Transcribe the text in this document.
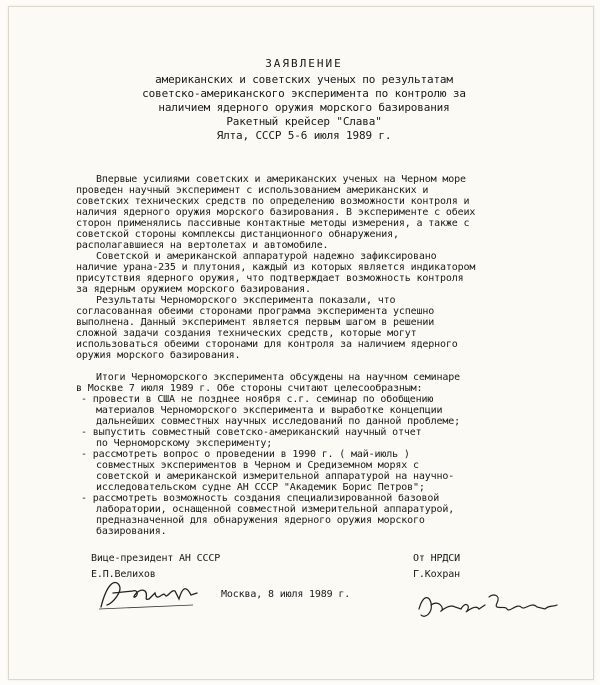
ЗАЯВЛЕНИЕ
американских и советских ученых по результатам
советско-американского эксперимента по контролю за
наличием ядерного оружия морского базирования
Ракетный крейсер "Слава"
Ялта, СССР 5-6 июля 1989 г.
Впервые усилиями советских и американских ученых на Черном море
проведен научный эксперимент с использованием американских и
советских технических средств по определению возможности контроля и
наличия ядерного оружия морского базирования. В эксперименте с обеих
сторон применялись пассивные контактные методы измерения, а также с
советской стороны комплексы дистанционного обнаружения,
располагавшиеся на вертолетах и автомобиле.
Советской и американской аппаратурой надежно зафиксировано
наличие урана-235 и плутония, каждый из которых является индикатором
присутствия ядерного оружия, что подтверждает возможность контроля
за ядерным оружием морского базирования.
Результаты Черноморского эксперимента показали, что
согласованная обеими сторонами программа эксперимента успешно
выполнена. Данный эксперимент является первым шагом в решении
сложной задачи создания технических средств, которые могут
использоваться обеими сторонами для контроля за наличием ядерного
оружия морского базирования.
Итоги Черноморского эксперимента обсуждены на научном семинаре
в Москве 7 июля 1989 г. Обе стороны считают целесообразным:
- провести в США не позднее ноября с.г. семинар по обобщению
материалов Черноморского эксперимента и выработке концепции
дальнейших совместных научных исследований по данной проблеме;
- выпустить совместный советско-американский научный отчет
по Черноморскому эксперименту;
- рассмотреть вопрос о проведении в 1990 г. ( май-июль )
совместных экспериментов в Черном и Средиземном морях с
советской и американской измерительной аппаратурой на научно-
исследовательском судне АН СССР "Академик Борис Петров";
- рассмотреть возможность создания специализированной базовой
лаборатории, оснащенной совместной измерительной аппаратурой,
предназначенной для обнаружения ядерного оружия морского
базирования.
Вице-президент АН СССР
Е.П.Велихов
Москва, 8 июля 1989 г.
От НРДСИ
Г.Кохран
